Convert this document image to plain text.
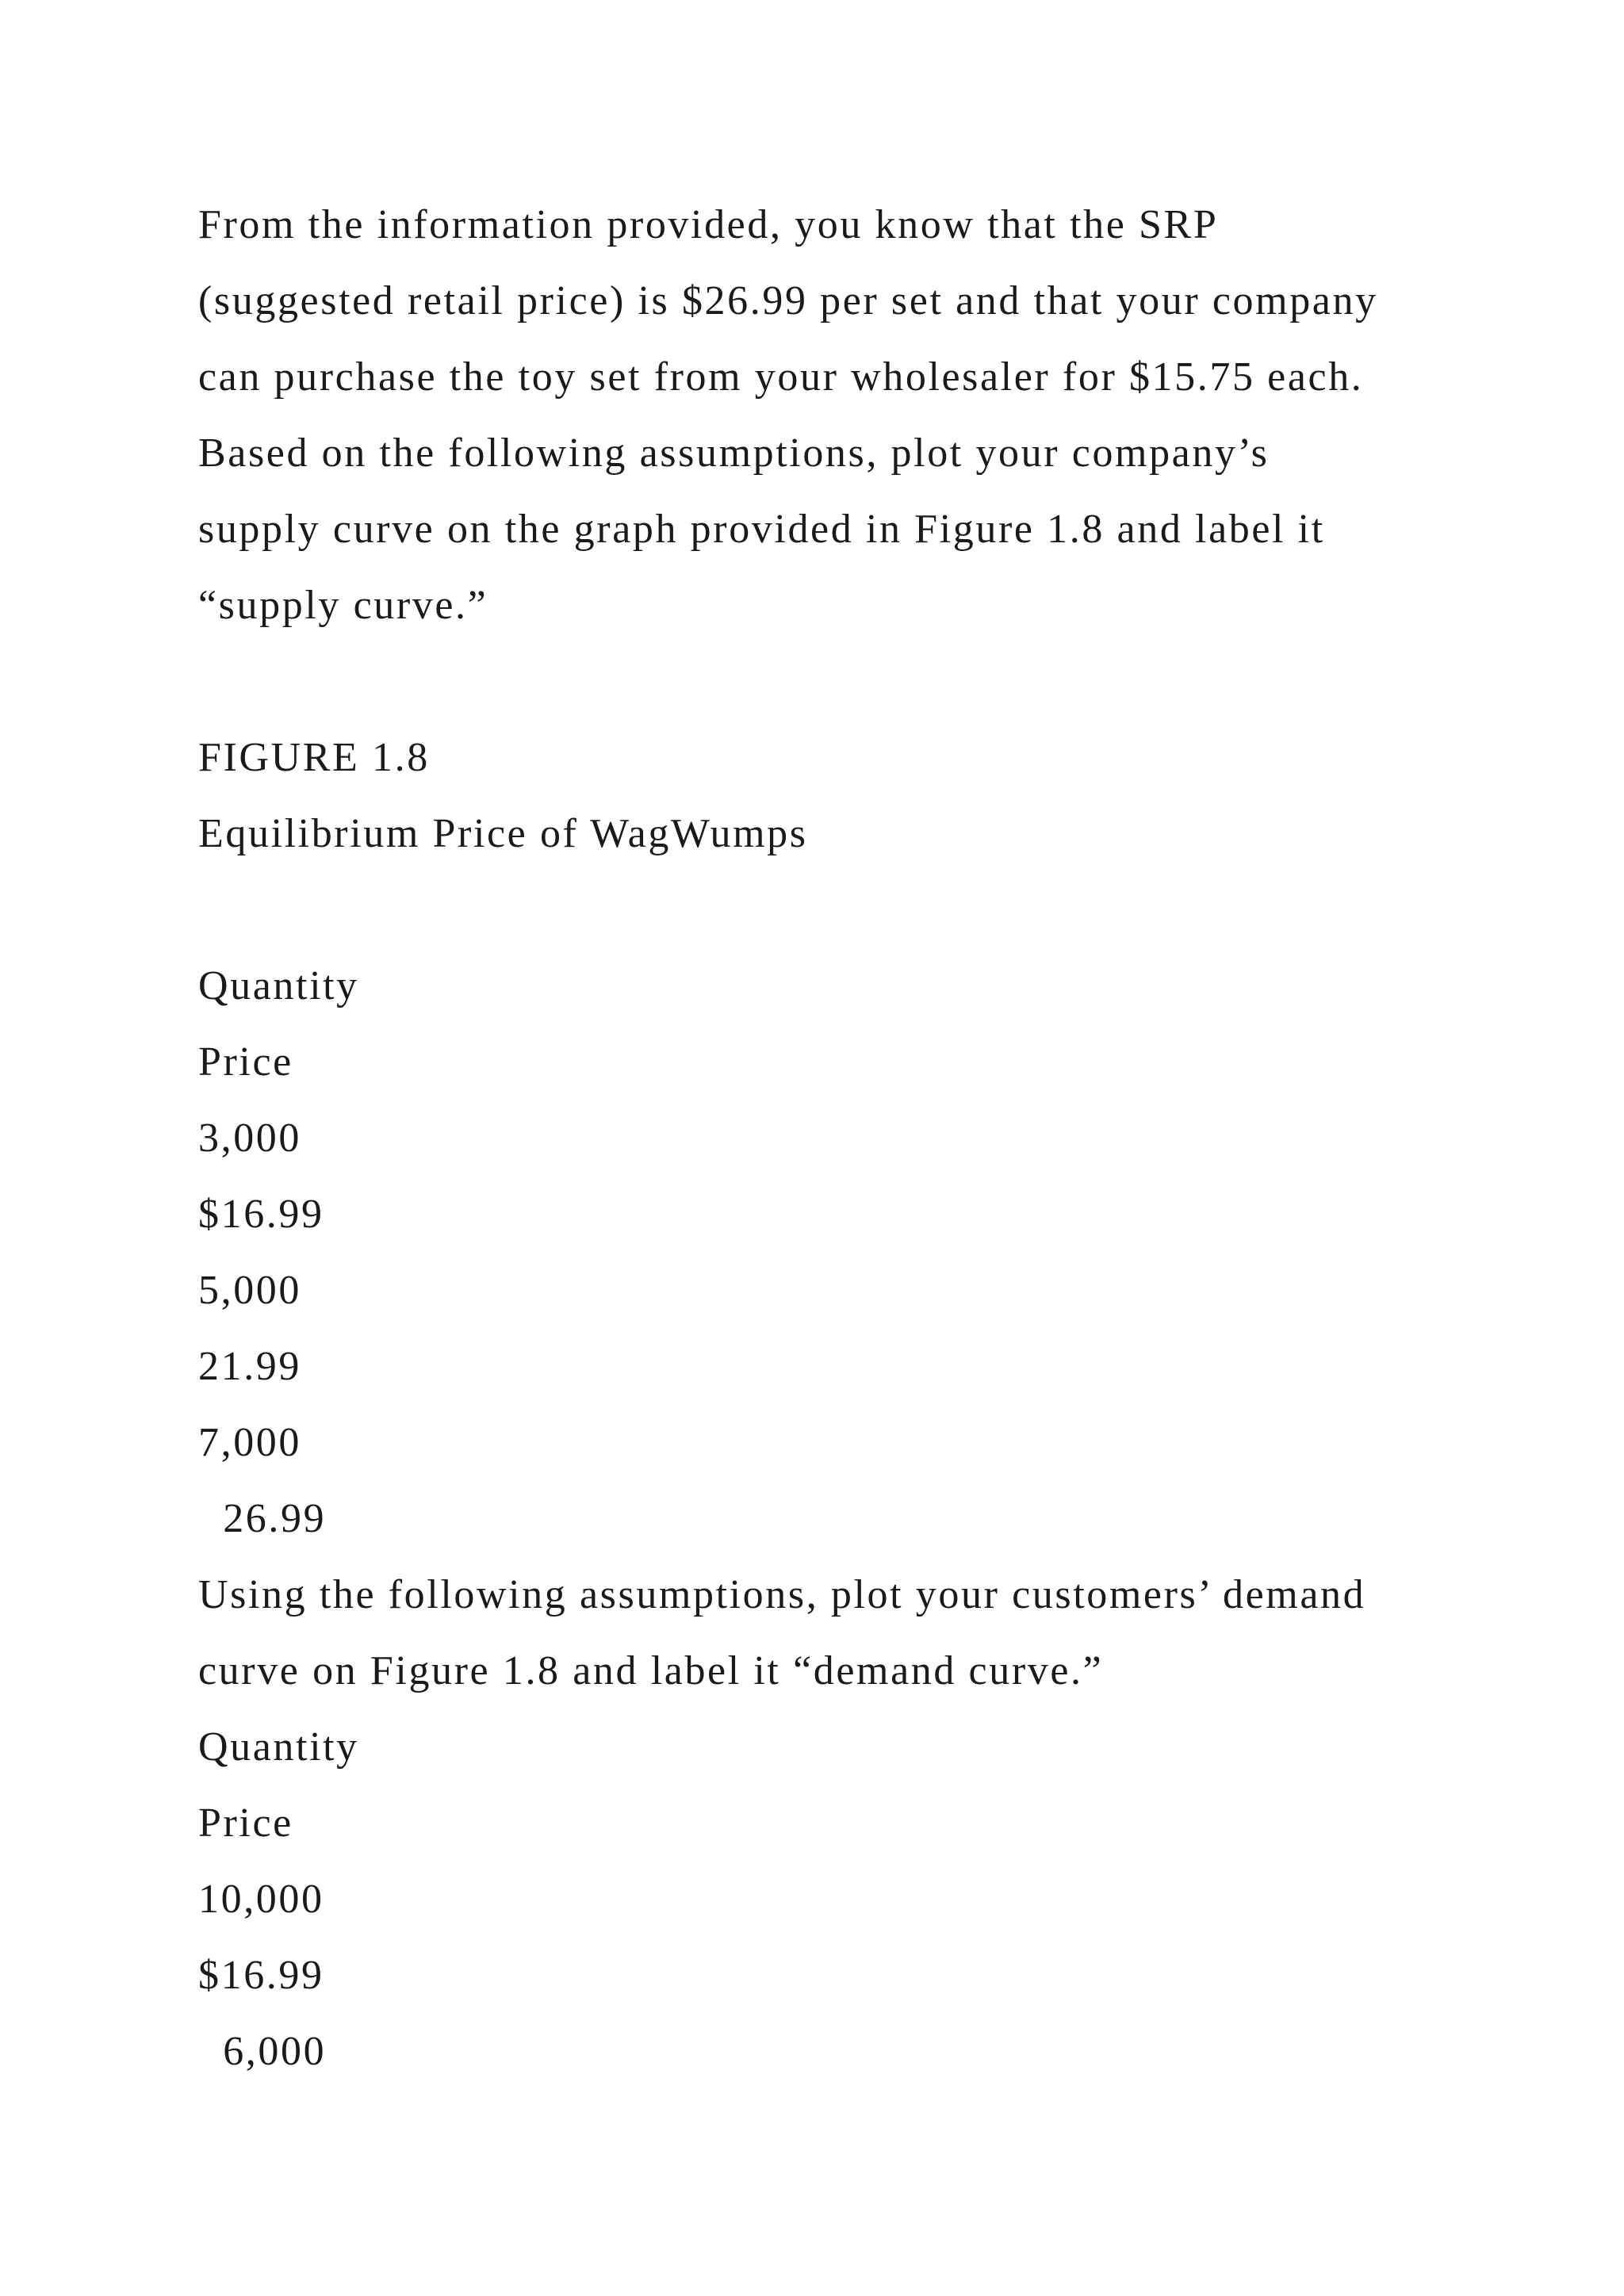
From the information provided, you know that the SRP
(suggested retail price) is $26.99 per set and that your company
can purchase the toy set from your wholesaler for $15.75 each.
Based on the following assumptions, plot your company’s
supply curve on the graph provided in Figure 1.8 and label it
“supply curve.”
FIGURE 1.8
Equilibrium Price of WagWumps
Quantity
Price
3,000
$16.99
5,000
21.99
7,000
26.99
Using the following assumptions, plot your customers’ demand
curve on Figure 1.8 and label it “demand curve.”
Quantity
Price
10,000
$16.99
6,000
